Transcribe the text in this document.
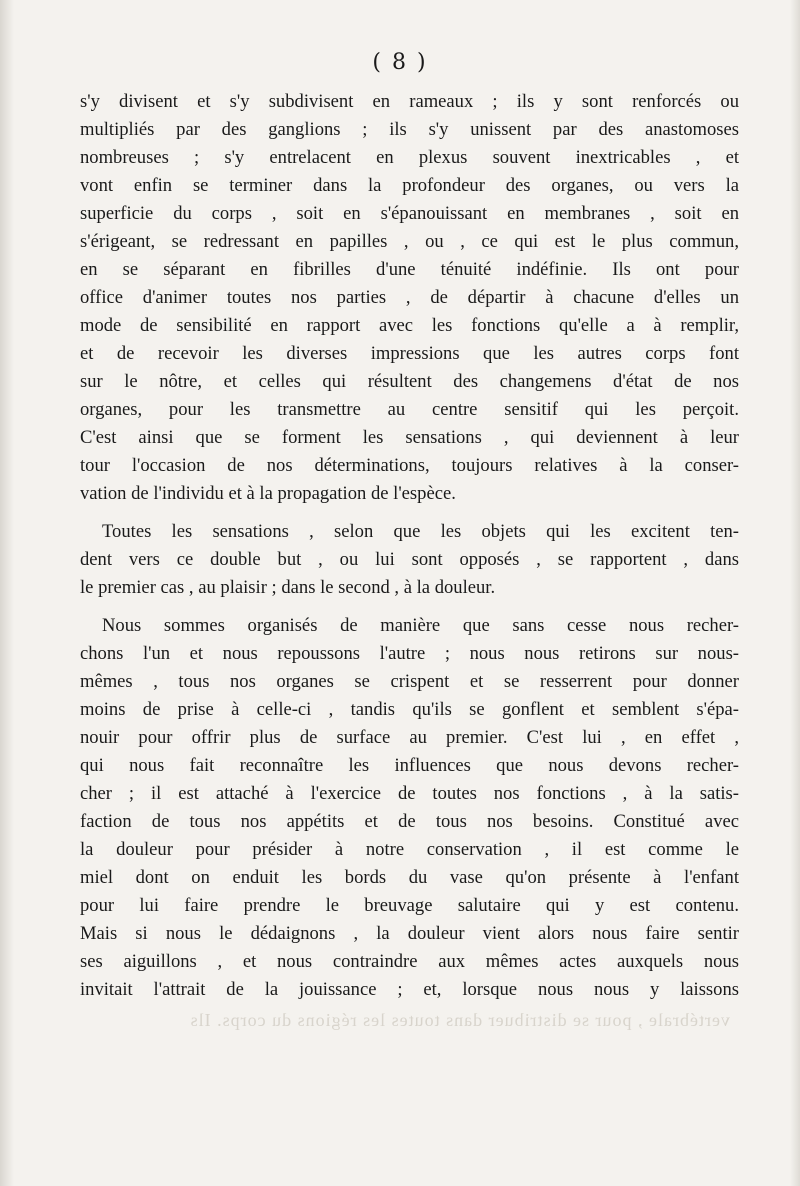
( 8 )
s'y divisent et s'y subdivisent en rameaux ; ils y sont renforcés ou
multipliés par des ganglions ; ils s'y unissent par des anastomoses
nombreuses ; s'y entrelacent en plexus souvent inextricables , et
vont enfin se terminer dans la profondeur des organes, ou vers la
superficie du corps , soit en s'épanouissant en membranes , soit en
s'érigeant, se redressant en papilles , ou , ce qui est le plus commun,
en se séparant en fibrilles d'une ténuité indéfinie. Ils ont pour
office d'animer toutes nos parties , de départir à chacune d'elles un
mode de sensibilité en rapport avec les fonctions qu'elle a à remplir,
et de recevoir les diverses impressions que les autres corps font
sur le nôtre, et celles qui résultent des changemens d'état de nos
organes, pour les transmettre au centre sensitif qui les perçoit.
C'est ainsi que se forment les sensations , qui deviennent à leur
tour l'occasion de nos déterminations, toujours relatives à la conser-
vation de l'individu et à la propagation de l'espèce.
Toutes les sensations , selon que les objets qui les excitent ten-
dent vers ce double but , ou lui sont opposés , se rapportent , dans
le premier cas , au plaisir ; dans le second , à la douleur.
Nous sommes organisés de manière que sans cesse nous recher-
chons l'un et nous repoussons l'autre ; nous nous retirons sur nous-
mêmes , tous nos organes se crispent et se resserrent pour donner
moins de prise à celle-ci , tandis qu'ils se gonflent et semblent s'épa-
nouir pour offrir plus de surface au premier. C'est lui , en effet ,
qui nous fait reconnaître les influences que nous devons recher-
cher ; il est attaché à l'exercice de toutes nos fonctions , à la satis-
faction de tous nos appétits et de tous nos besoins. Constitué avec
la douleur pour présider à notre conservation , il est comme le
miel dont on enduit les bords du vase qu'on présente à l'enfant
pour lui faire prendre le breuvage salutaire qui y est contenu.
Mais si nous le dédaignons , la douleur vient alors nous faire sentir
ses aiguillons , et nous contraindre aux mêmes actes auxquels nous
invitait l'attrait de la jouissance ; et, lorsque nous nous y laissons
vertébrale , pour se distribuer dans toutes les régions du corps. Ils
